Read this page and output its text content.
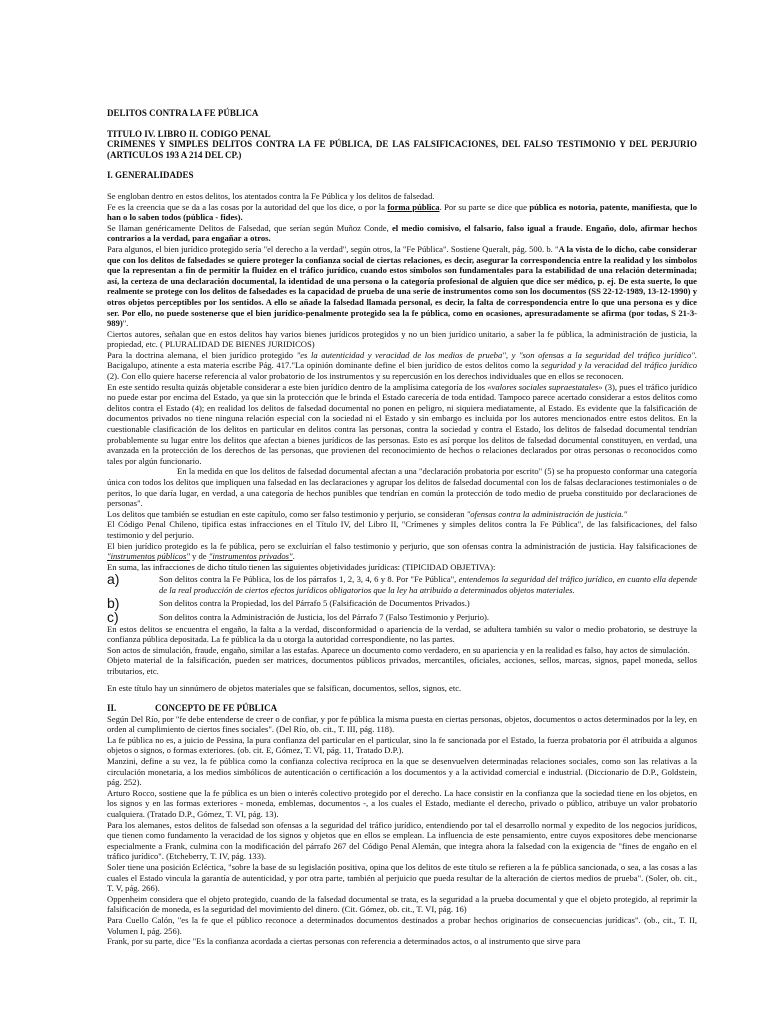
DELITOS CONTRA LA FE PÚBLICA

TITULO IV. LIBRO II. CODIGO PENAL

CRIMENES Y SIMPLES DELITOS CONTRA LA FE PÚBLICA, DE LAS FALSIFICACIONES, DEL FALSO TESTIMONIO Y DEL PERJURIO (ARTICULOS 193 A 214 DEL CP.)

I. GENERALIDADES

Se engloban dentro en estos delitos, los atentados contra la Fe Pública y los delitos de falsedad.

Fe es la creencia que se da a las cosas por la autoridad del que los dice, o por la forma pública. Por su parte se dice que pública es notoria, patente, manifiesta, que lo han o lo saben todos (pública - fides).

Se llaman genéricamente Delitos de Falsedad, que serían según Muñoz Conde, el medio comisivo, el falsario, falso igual a fraude. Engaño, dolo, afirmar hechos contrarios a la verdad, para engañar a otros.

Para algunos, el bien jurídico protegido sería "el derecho a la verdad", según otros, la "Fe Pública". Sostiene Queralt, pág. 500. b. "A la vista de lo dicho, cabe considerar que con los delitos de falsedades se quiere proteger la confianza social de ciertas relaciones, es decir, asegurar la correspondencia entre la realidad y los símbolos que la representan a fin de permitir la fluidez en el tráfico jurídico, cuando estos símbolos son fundamentales para la estabilidad de una relación determinada; así, la certeza de una declaración documental, la identidad de una persona o la categoría profesional de alguien que dice ser médico, p. ej. De esta suerte, lo que realmente se protege con los delitos de falsedades es la capacidad de prueba de una serie de instrumentos como son los documentos (SS 22-12-1989, 13-12-1990) y otros objetos perceptibles por los sentidos. A ello se añade la falsedad llamada personal, es decir, la falta de correspondencia entre lo que una persona es y dice ser. Por ello, no puede sostenerse que el bien jurídico-penalmente protegido sea la fe pública, como en ocasiones, apresuradamente se afirma (por todas, S 21-3-989)".

Ciertos autores, señalan que en estos delitos hay varios bienes jurídicos protegidos y no un bien jurídico unitario, a saber la fe pública, la administración de justicia, la propiedad, etc. ( PLURALIDAD DE BIENES JURIDICOS)

Para la doctrina alemana, el bien jurídico protegido "es la autenticidad y veracidad de los medios de prueba", y "son ofensas a la seguridad del tráfico jurídico". Bacigalupo, atinente a esta materia escribe Pág. 417."La opinión dominante define el bien jurídico de estos delitos como la seguridad y la veracidad del tráfico jurídico (2). Con ello quiere hacerse referencia al valor probatorio de los instrumentos y su repercusión en los derechos individuales que en ellos se reconocen.

En este sentido resulta quizás objetable considerar a este bien jurídico dentro de la amplísima categoría de los «valores sociales supraestatales» (3), pues el tráfico jurídico no puede estar por encima del Estado, ya que sin la protección que le brinda el Estado carecería de toda entidad. Tampoco parece acertado considerar a estos delitos como delitos contra el Estado (4); en realidad los delitos de falsedad documental no ponen en peligro, ni siquiera mediatamente, al Estado. Es evidente que la falsificación de documentos privados no tiene ninguna relación especial con la sociedad ni el Estado y sin embargo es incluida por los autores mencionados entre estos delitos. En la cuestionable clasificación de los delitos en particular en delitos contra las personas, contra la sociedad y contra el Estado, los delitos de falsedad documental tendrían probablemente su lugar entre los delitos que afectan a bienes jurídicos de las personas. Esto es así porque los delitos de falsedad documental constituyen, en verdad, una avanzada en la protección de los derechos de las personas, que provienen del reconocimiento de hechos o relaciones declarados por otras personas o reconocidos como tales por algún funcionario.

En la medida en que los delitos de falsedad documental afectan a una "declaración probatoria por escrito" (5) se ha propuesto conformar una categoría única con todos los delitos que impliquen una falsedad en las declaraciones y agrupar los delitos de falsedad documental con los de falsas declaraciones testimoniales o de peritos, lo que daría lugar, en verdad, a una categoría de hechos punibles que tendrían en común la protección de todo medio de prueba constituido por declaraciones de personas".

Los delitos que también se estudian en este capítulo, como ser falso testimonio y perjurio, se consideran "ofensas contra la administración de justicia."

El Código Penal Chileno, tipifica estas infracciones en el Título IV, del Libro II, "Crímenes y simples delitos contra la Fe Pública", de las falsificaciones, del falso testimonio y del perjurio.

El bien jurídico protegido es la fe pública, pero se excluirían el falso testimonio y perjurio, que son ofensas contra la administración de justicia. Hay falsificaciones de "instrumentos públicos" y de "instrumentos privados".

En suma, las infracciones de dicho título tienen las siguientes objetividades jurídicas: (TIPICIDAD OBJETIVA):

a)	Son delitos contra la Fe Pública, los de los párrafos 1, 2, 3, 4, 6 y 8. Por "Fe Pública", entendemos la seguridad del tráfico jurídico, en cuanto ella depende de la real producción de ciertos efectos jurídicos obligatorios que la ley ha atribuido a determinados objetos materiales.

b)	Son delitos contra la Propiedad, los del Párrafo 5 (Falsificación de Documentos Privados.)

c)	Son delitos contra la Administración de Justicia, los del Párrafo 7 (Falso Testimonio y Perjurio).

En estos delitos se encuentra el engaño, la falta a la verdad, disconformidad o apariencia de la verdad, se adultera también su valor o medio probatorio, se destruye la confianza pública depositada. La fe pública la da u otorga la autoridad correspondiente, no las partes.

Son actos de simulación, fraude, engaño, similar a las estafas. Aparece un documento como verdadero, en su apariencia y en la realidad es falso, hay actos de simulación.

Objeto material de la falsificación, pueden ser matrices, documentos públicos privados, mercantiles, oficiales, acciones, sellos, marcas, signos, papel moneda, sellos tributarios, etc.

En este título hay un sinnúmero de objetos materiales que se falsifican, documentos, sellos, signos, etc.

II.	CONCEPTO DE FE PÚBLICA

Según Del Río, por "fe debe entenderse de creer o de confiar, y por fe pública la misma puesta en ciertas personas, objetos, documentos o actos determinados por la ley, en orden al cumplimiento de ciertos fines sociales". (Del Río, ob. cit., T. III, pág. 118).

La fe pública no es, a juicio de Pessina, la pura confianza del particular en el particular, sino la fe sancionada por el Estado, la fuerza probatoria por él atribuida a algunos objetos o signos, o formas exteriores. (ob. cit. E, Gómez, T. VI, pág. 11, Tratado D.P.).

Manzini, define a su vez, la fe pública como la confianza colectiva recíproca en la que se desenvuelven determinadas relaciones sociales, como son las relativas a la circulación monetaria, a los medios simbólicos de autenticación o certificación a los documentos y a la actividad comercial e industrial. (Diccionario de D.P., Goldstein, pág. 252).

Arturo Rocco, sostiene que la fe pública es un bien o interés colectivo protegido por el derecho. La hace consistir en la confianza que la sociedad tiene en los objetos, en los signos y en las formas exteriores - moneda, emblemas, documentos -, a los cuales el Estado, mediante el derecho, privado o público, atribuye un valor probatorio cualquiera. (Tratado D.P., Gómez, T. VI, pág. 13).

Para los alemanes, estos delitos de falsedad son ofensas a la seguridad del tráfico jurídico, entendiendo por tal el desarrollo normal y expedito de los negocios jurídicos, que tienen como fundamento la veracidad de los signos y objetos que en ellos se emplean. La influencia de este pensamiento, entre cuyos expositores debe mencionarse especialmente a Frank, culmina con la modificación del párrafo 267 del Código Penal Alemán, que integra ahora la falsedad con la exigencia de "fines de engaño en el tráfico jurídico". (Etcheberry, T. IV, pág. 133).

Soler tiene una posición Ecléctica, "sobre la base de su legislación positiva, opina que los delitos de este título se refieren a la fe pública sancionada, o sea, a las cosas a las cuales el Estado vincula la garantía de autenticidad, y por otra parte, también al perjuicio que pueda resultar de la alteración de ciertos medios de prueba". (Soler, ob. cit., T. V, pág. 266).

Oppenheim considera que el objeto protegido, cuando de la falsedad documental se trata, es la seguridad a la prueba documental y que el objeto protegido, al reprimir la falsificación de moneda, es la seguridad del movimiento del dinero. (Cit. Gómez, ob. cit., T. VI, pág. 16)

Para Cuello Calón, "es la fe que el público reconoce a determinados documentos destinados a probar hechos originarios de consecuencias jurídicas". (ob., cit., T. II, Volumen I, pág. 256).

Frank, por su parte, dice "Es la confianza acordada a ciertas personas con referencia a determinados actos, o al instrumento que sirve para
